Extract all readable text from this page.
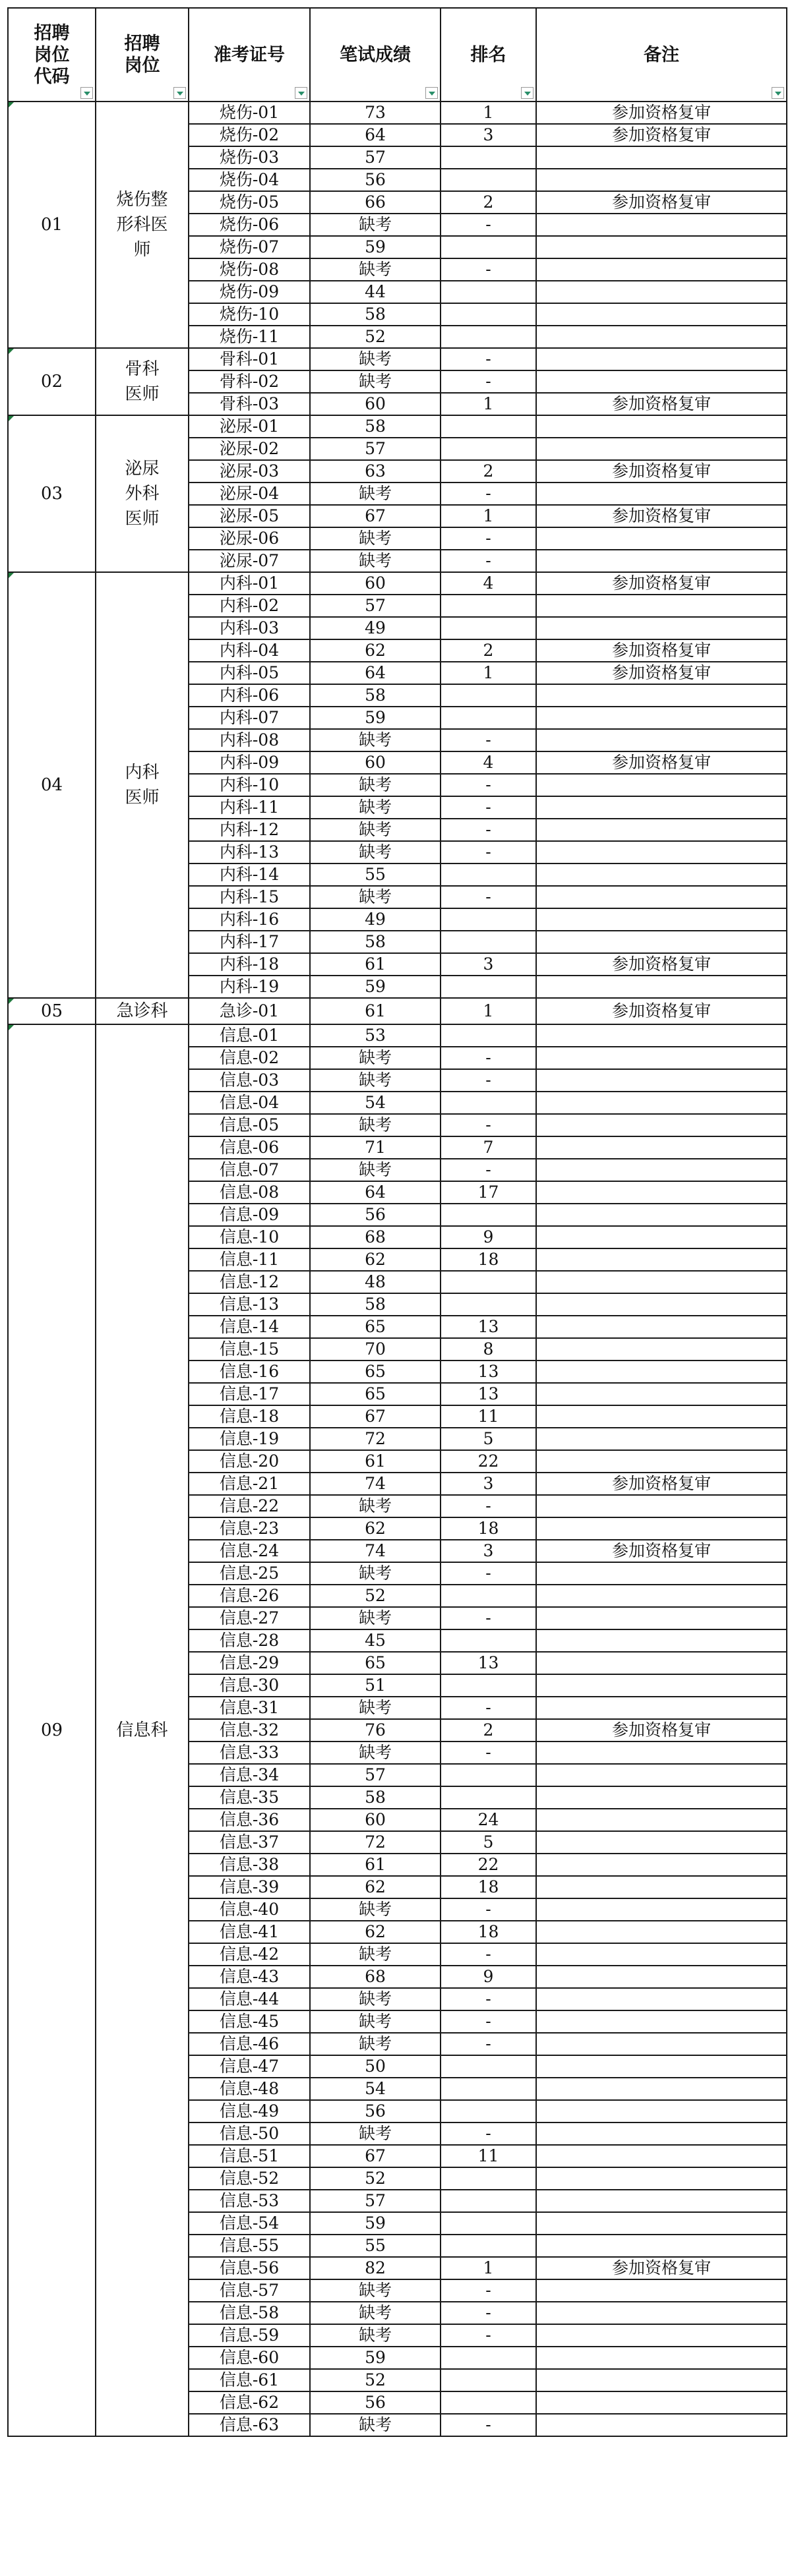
招聘岗位代码	招聘岗位	准考证号	笔试成绩	排名	备注

01	烧伤整形科医师	烧伤-01	73	1	参加资格复审
		烧伤-02	64	3	参加资格复审
		烧伤-03	57		
		烧伤-04	56		
		烧伤-05	66	2	参加资格复审
		烧伤-06	缺考	-	
		烧伤-07	59		
		烧伤-08	缺考	-	
		烧伤-09	44		
		烧伤-10	58		
		烧伤-11	52		
02	骨科医师	骨科-01	缺考	-	
		骨科-02	缺考	-	
		骨科-03	60	1	参加资格复审
03	泌尿外科医师	泌尿-01	58		
		泌尿-02	57		
		泌尿-03	63	2	参加资格复审
		泌尿-04	缺考	-	
		泌尿-05	67	1	参加资格复审
		泌尿-06	缺考	-	
		泌尿-07	缺考	-	
04	内科医师	内科-01	60	4	参加资格复审
		内科-02	57		
		内科-03	49		
		内科-04	62	2	参加资格复审
		内科-05	64	1	参加资格复审
		内科-06	58		
		内科-07	59		
		内科-08	缺考	-	
		内科-09	60	4	参加资格复审
		内科-10	缺考	-	
		内科-11	缺考	-	
		内科-12	缺考	-	
		内科-13	缺考	-	
		内科-14	55		
		内科-15	缺考	-	
		内科-16	49		
		内科-17	58		
		内科-18	61	3	参加资格复审
		内科-19	59		
05	急诊科	急诊-01	61	1	参加资格复审
09	信息科	信息-01	53		
		信息-02	缺考	-	
		信息-03	缺考	-	
		信息-04	54		
		信息-05	缺考	-	
		信息-06	71	7	
		信息-07	缺考	-	
		信息-08	64	17	
		信息-09	56		
		信息-10	68	9	
		信息-11	62	18	
		信息-12	48		
		信息-13	58		
		信息-14	65	13	
		信息-15	70	8	
		信息-16	65	13	
		信息-17	65	13	
		信息-18	67	11	
		信息-19	72	5	
		信息-20	61	22	
		信息-21	74	3	参加资格复审
		信息-22	缺考	-	
		信息-23	62	18	
		信息-24	74	3	参加资格复审
		信息-25	缺考	-	
		信息-26	52		
		信息-27	缺考	-	
		信息-28	45		
		信息-29	65	13	
		信息-30	51		
		信息-31	缺考	-	
		信息-32	76	2	参加资格复审
		信息-33	缺考	-	
		信息-34	57		
		信息-35	58		
		信息-36	60	24	
		信息-37	72	5	
		信息-38	61	22	
		信息-39	62	18	
		信息-40	缺考	-	
		信息-41	62	18	
		信息-42	缺考	-	
		信息-43	68	9	
		信息-44	缺考	-	
		信息-45	缺考	-	
		信息-46	缺考	-	
		信息-47	50		
		信息-48	54		
		信息-49	56		
		信息-50	缺考	-	
		信息-51	67	11	
		信息-52	52		
		信息-53	57		
		信息-54	59		
		信息-55	55		
		信息-56	82	1	参加资格复审
		信息-57	缺考	-	
		信息-58	缺考	-	
		信息-59	缺考	-	
		信息-60	59		
		信息-61	52		
		信息-62	56		
		信息-63	缺考	-	
